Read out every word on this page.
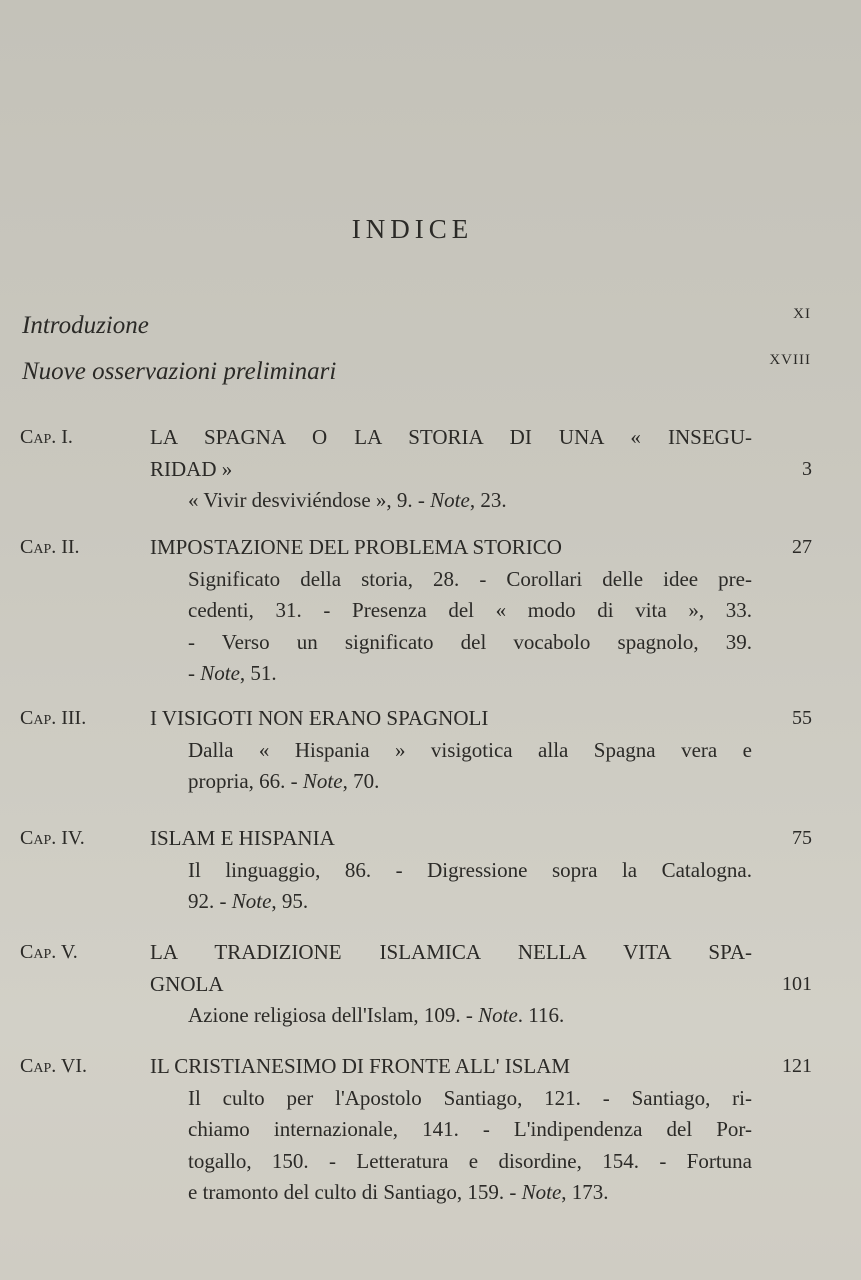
INDICE
Introduzione	XI
Nuove osservazioni preliminari	XVIII
Cap. I.	LA SPAGNA O LA STORIA DI UNA « INSEGU-
RIDAD »
« Vivir desviviéndose », 9. - Note, 23.
3
Cap. II.	IMPOSTAZIONE DEL PROBLEMA STORICO
Significato della storia, 28. - Corollari delle idee pre-
cedenti, 31. - Presenza del « modo di vita », 33.
- Verso un significato del vocabolo spagnolo, 39.
- Note, 51.
27
Cap. III.	I VISIGOTI NON ERANO SPAGNOLI
Dalla « Hispania » visigotica alla Spagna vera e
propria, 66. - Note, 70.
55
Cap. IV.	ISLAM E HISPANIA
Il linguaggio, 86. - Digressione sopra la Catalogna.
92. - Note, 95.
75
Cap. V.	LA TRADIZIONE ISLAMICA NELLA VITA SPA-
GNOLA
Azione religiosa dell'Islam, 109. - Note. 116.
101
Cap. VI.	IL CRISTIANESIMO DI FRONTE ALL' ISLAM
Il culto per l'Apostolo Santiago, 121. - Santiago, ri-
chiamo internazionale, 141. - L'indipendenza del Por-
togallo, 150. - Letteratura e disordine, 154. - Fortuna
e tramonto del culto di Santiago, 159. - Note, 173.
121
